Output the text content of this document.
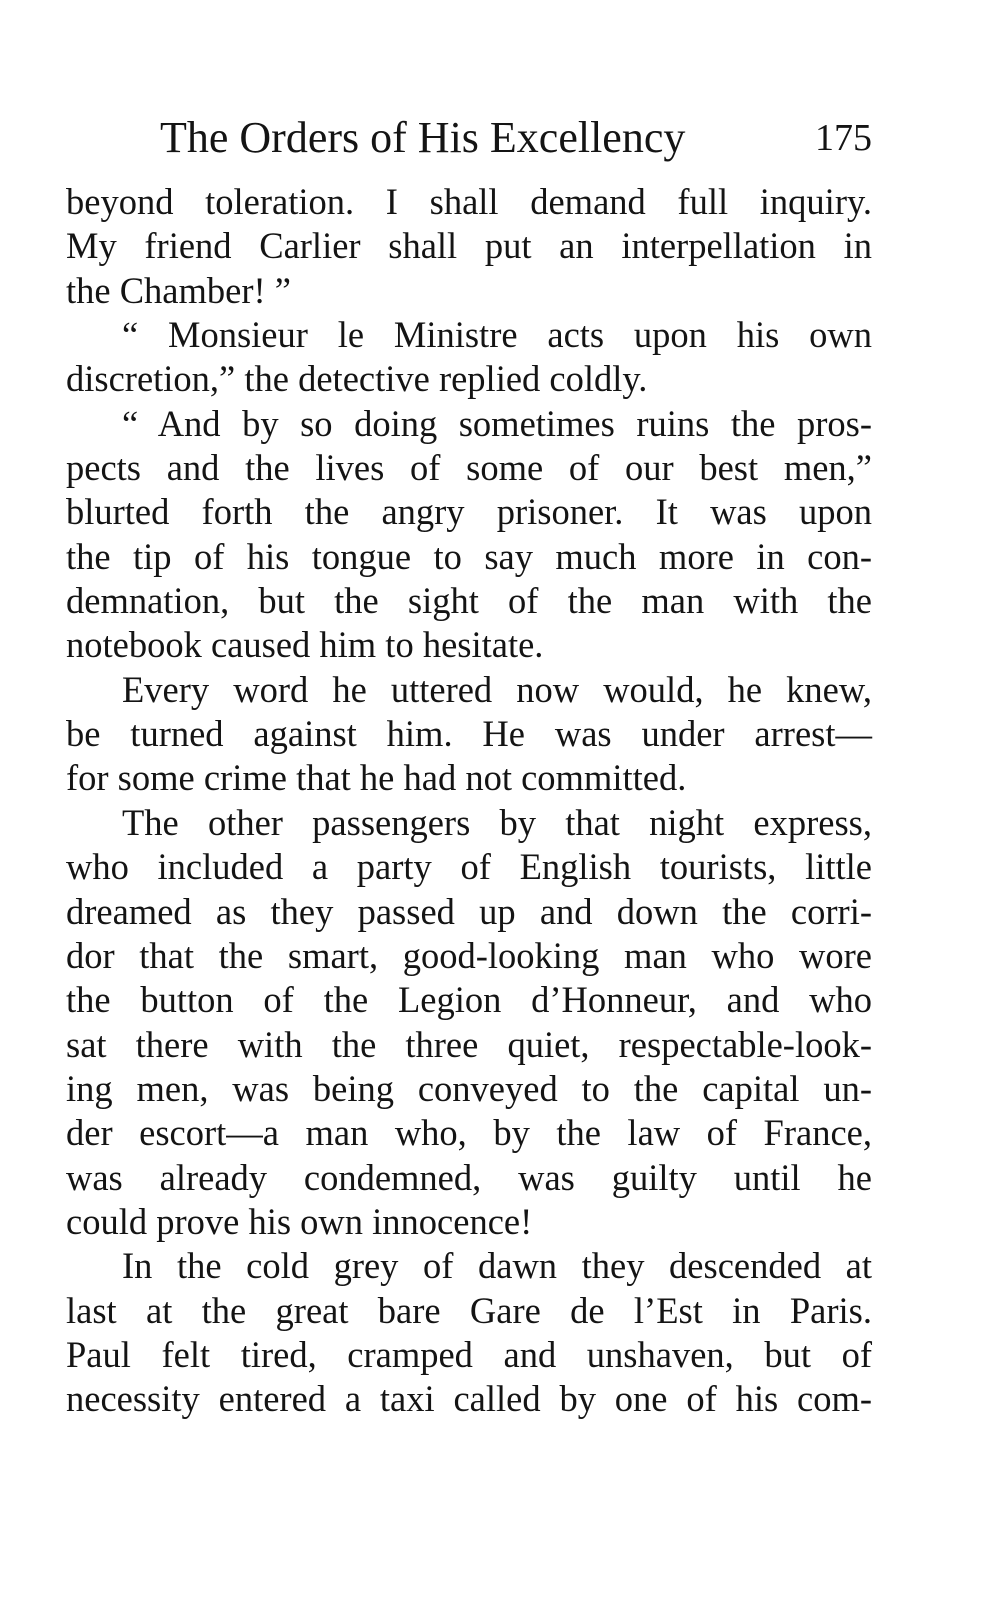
The Orders of His Excellency	175
beyond toleration. I shall demand full inquiry.
My friend Carlier shall put an interpellation in
the Chamber! ”
“ Monsieur le Ministre acts upon his own
discretion,” the detective replied coldly.
“ And by so doing sometimes ruins the pros-
pects and the lives of some of our best men,”
blurted forth the angry prisoner. It was upon
the tip of his tongue to say much more in con-
demnation, but the sight of the man with the
notebook caused him to hesitate.
Every word he uttered now would, he knew,
be turned against him. He was under arrest—
for some crime that he had not committed.
The other passengers by that night express,
who included a party of English tourists, little
dreamed as they passed up and down the corri-
dor that the smart, good-looking man who wore
the button of the Legion d’Honneur, and who
sat there with the three quiet, respectable-look-
ing men, was being conveyed to the capital un-
der escort—a man who, by the law of France,
was already condemned, was guilty until he
could prove his own innocence!
In the cold grey of dawn they descended at
last at the great bare Gare de l’Est in Paris.
Paul felt tired, cramped and unshaven, but of
necessity entered a taxi called by one of his com-
